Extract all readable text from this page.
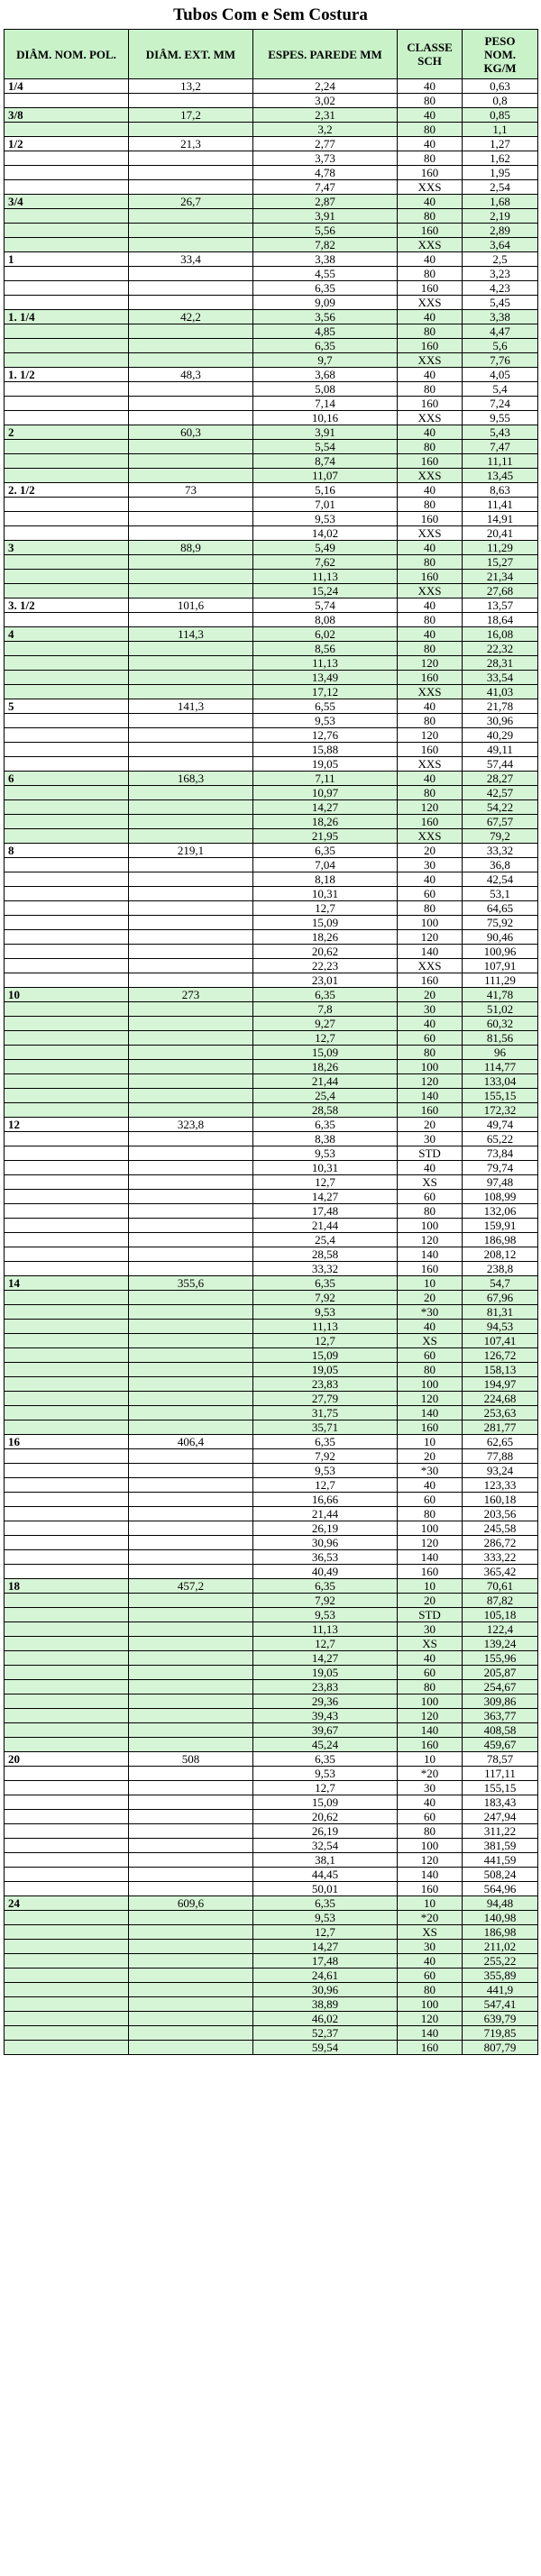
Tubos Com e Sem Costura
DIÂM. NOM. POL.	DIÂM. EXT. MM	ESPES. PAREDE MM	CLASSE SCH	PESO
NOM.
KG/M

1/4	13,2	2,24	40	0,63
		3,02	80	0,8
3/8	17,2	2,31	40	0,85
		3,2	80	1,1
1/2	21,3	2,77	40	1,27
		3,73	80	1,62
		4,78	160	1,95
		7,47	XXS	2,54
3/4	26,7	2,87	40	1,68
		3,91	80	2,19
		5,56	160	2,89
		7,82	XXS	3,64
1	33,4	3,38	40	2,5
		4,55	80	3,23
		6,35	160	4,23
		9,09	XXS	5,45
1. 1/4	42,2	3,56	40	3,38
		4,85	80	4,47
		6,35	160	5,6
		9,7	XXS	7,76
1. 1/2	48,3	3,68	40	4,05
		5,08	80	5,4
		7,14	160	7,24
		10,16	XXS	9,55
2	60,3	3,91	40	5,43
		5,54	80	7,47
		8,74	160	11,11
		11,07	XXS	13,45
2. 1/2	73	5,16	40	8,63
		7,01	80	11,41
		9,53	160	14,91
		14,02	XXS	20,41
3	88,9	5,49	40	11,29
		7,62	80	15,27
		11,13	160	21,34
		15,24	XXS	27,68
3. 1/2	101,6	5,74	40	13,57
		8,08	80	18,64
4	114,3	6,02	40	16,08
		8,56	80	22,32
		11,13	120	28,31
		13,49	160	33,54
		17,12	XXS	41,03
5	141,3	6,55	40	21,78
		9,53	80	30,96
		12,76	120	40,29
		15,88	160	49,11
		19,05	XXS	57,44
6	168,3	7,11	40	28,27
		10,97	80	42,57
		14,27	120	54,22
		18,26	160	67,57
		21,95	XXS	79,2
8	219,1	6,35	20	33,32
		7,04	30	36,8
		8,18	40	42,54
		10,31	60	53,1
		12,7	80	64,65
		15,09	100	75,92
		18,26	120	90,46
		20,62	140	100,96
		22,23	XXS	107,91
		23,01	160	111,29
10	273	6,35	20	41,78
		7,8	30	51,02
		9,27	40	60,32
		12,7	60	81,56
		15,09	80	96
		18,26	100	114,77
		21,44	120	133,04
		25,4	140	155,15
		28,58	160	172,32
12	323,8	6,35	20	49,74
		8,38	30	65,22
		9,53	STD	73,84
		10,31	40	79,74
		12,7	XS	97,48
		14,27	60	108,99
		17,48	80	132,06
		21,44	100	159,91
		25,4	120	186,98
		28,58	140	208,12
		33,32	160	238,8
14	355,6	6,35	10	54,7
		7,92	20	67,96
		9,53	*30	81,31
		11,13	40	94,53
		12,7	XS	107,41
		15,09	60	126,72
		19,05	80	158,13
		23,83	100	194,97
		27,79	120	224,68
		31,75	140	253,63
		35,71	160	281,77
16	406,4	6,35	10	62,65
		7,92	20	77,88
		9,53	*30	93,24
		12,7	40	123,33
		16,66	60	160,18
		21,44	80	203,56
		26,19	100	245,58
		30,96	120	286,72
		36,53	140	333,22
		40,49	160	365,42
18	457,2	6,35	10	70,61
		7,92	20	87,82
		9,53	STD	105,18
		11,13	30	122,4
		12,7	XS	139,24
		14,27	40	155,96
		19,05	60	205,87
		23,83	80	254,67
		29,36	100	309,86
		39,43	120	363,77
		39,67	140	408,58
		45,24	160	459,67
20	508	6,35	10	78,57
		9,53	*20	117,11
		12,7	30	155,15
		15,09	40	183,43
		20,62	60	247,94
		26,19	80	311,22
		32,54	100	381,59
		38,1	120	441,59
		44,45	140	508,24
		50,01	160	564,96
24	609,6	6,35	10	94,48
		9,53	*20	140,98
		12,7	XS	186,98
		14,27	30	211,02
		17,48	40	255,22
		24,61	60	355,89
		30,96	80	441,9
		38,89	100	547,41
		46,02	120	639,79
		52,37	140	719,85
		59,54	160	807,79
